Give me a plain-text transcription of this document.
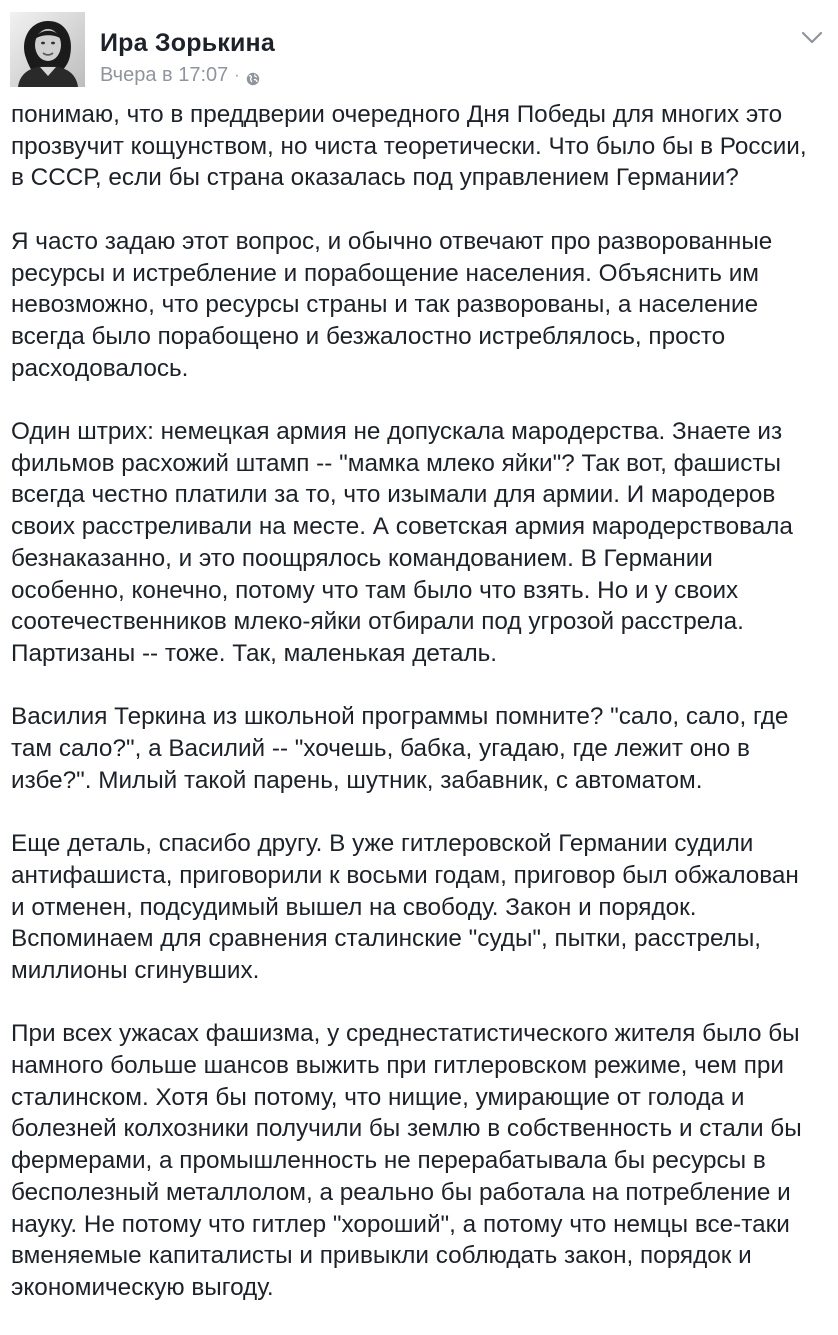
Ира Зорькина
Вчера в 17:07 ·

понимаю, что в преддверии очередного Дня Победы для многих это
прозвучит кощунством, но чиста теоретически. Что было бы в России,
в СССР, если бы страна оказалась под управлением Германии?

Я часто задаю этот вопрос, и обычно отвечают про разворованные
ресурсы и истребление и порабощение населения. Объяснить им
невозможно, что ресурсы страны и так разворованы, а население
всегда было порабощено и безжалостно истреблялось, просто
расходовалось.

Один штрих: немецкая армия не допускала мародерства. Знаете из
фильмов расхожий штамп -- "мамка млеко яйки"? Так вот, фашисты
всегда честно платили за то, что изымали для армии. И мародеров
своих расстреливали на месте. А советская армия мародерствовала
безнаказанно, и это поощрялось командованием. В Германии
особенно, конечно, потому что там было что взять. Но и у своих
соотечественников млеко-яйки отбирали под угрозой расстрела.
Партизаны -- тоже. Так, маленькая деталь.

Василия Теркина из школьной программы помните? "сало, сало, где
там сало?", а Василий -- "хочешь, бабка, угадаю, где лежит оно в
избе?". Милый такой парень, шутник, забавник, с автоматом.

Еще деталь, спасибо другу. В уже гитлеровской Германии судили
антифашиста, приговорили к восьми годам, приговор был обжалован
и отменен, подсудимый вышел на свободу. Закон и порядок.
Вспоминаем для сравнения сталинские "суды", пытки, расстрелы,
миллионы сгинувших.

При всех ужасах фашизма, у среднестатистического жителя было бы
намного больше шансов выжить при гитлеровском режиме, чем при
сталинском. Хотя бы потому, что нищие, умирающие от голода и
болезней колхозники получили бы землю в собственность и стали бы
фермерами, а промышленность не перерабатывала бы ресурсы в
бесполезный металлолом, а реально бы работала на потребление и
науку. Не потому что гитлер "хороший", а потому что немцы все-таки
вменяемые капиталисты и привыкли соблюдать закон, порядок и
экономическую выгоду.
